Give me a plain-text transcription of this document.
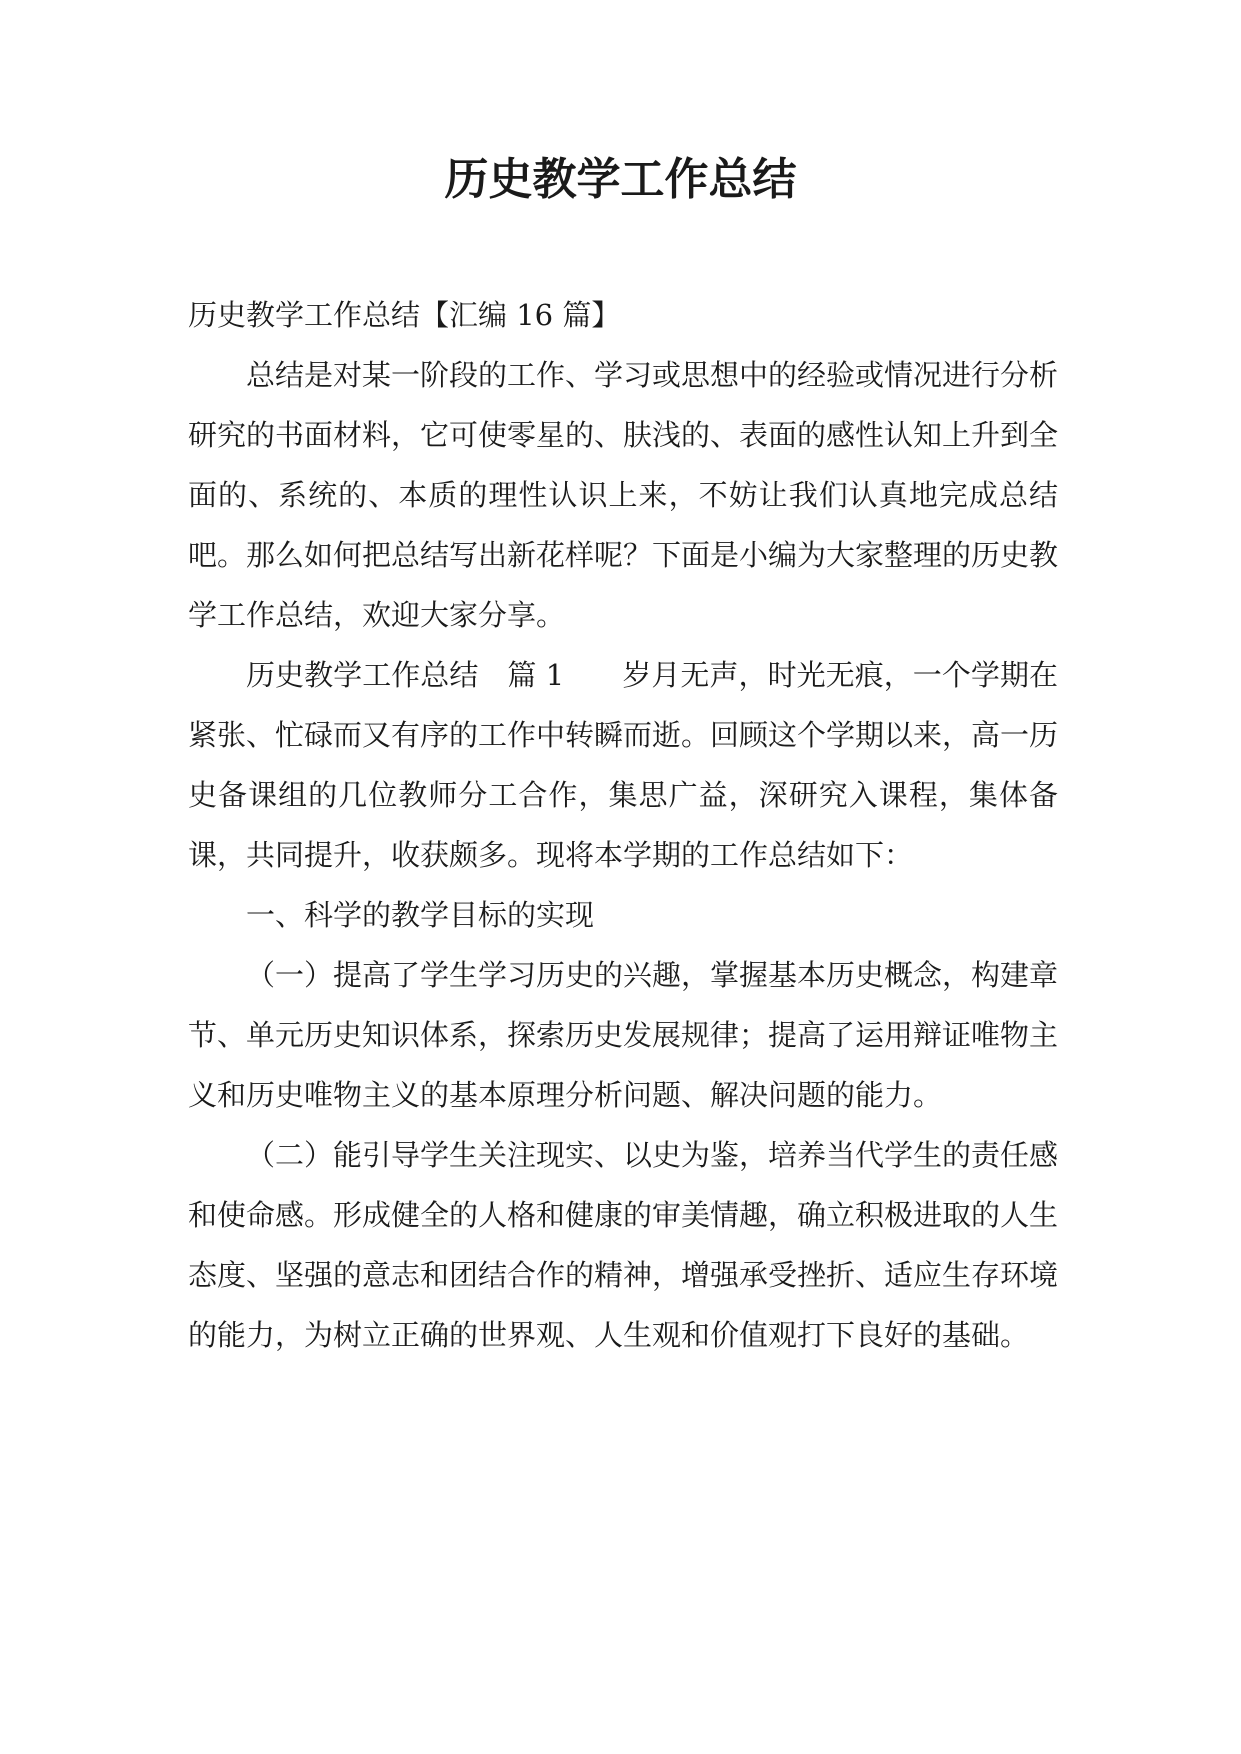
历史教学工作总结

历史教学工作总结【汇编 16 篇】

总结是对某一阶段的工作、学习或思想中的经验或情况进行分析研究的书面材料，它可使零星的、肤浅的、表面的感性认知上升到全面的、系统的、本质的理性认识上来，不妨让我们认真地完成总结吧。那么如何把总结写出新花样呢？下面是小编为大家整理的历史教学工作总结，欢迎大家分享。

历史教学工作总结　篇 1　　岁月无声，时光无痕，一个学期在紧张、忙碌而又有序的工作中转瞬而逝。回顾这个学期以来，高一历史备课组的几位教师分工合作，集思广益，深研究入课程，集体备课，共同提升，收获颇多。现将本学期的工作总结如下：

一、科学的教学目标的实现

（一）提高了学生学习历史的兴趣，掌握基本历史概念，构建章节、单元历史知识体系，探索历史发展规律；提高了运用辩证唯物主义和历史唯物主义的基本原理分析问题、解决问题的能力。

（二）能引导学生关注现实、以史为鉴，培养当代学生的责任感和使命感。形成健全的人格和健康的审美情趣，确立积极进取的人生态度、坚强的意志和团结合作的精神，增强承受挫折、适应生存环境的能力，为树立正确的世界观、人生观和价值观打下良好的基础。
